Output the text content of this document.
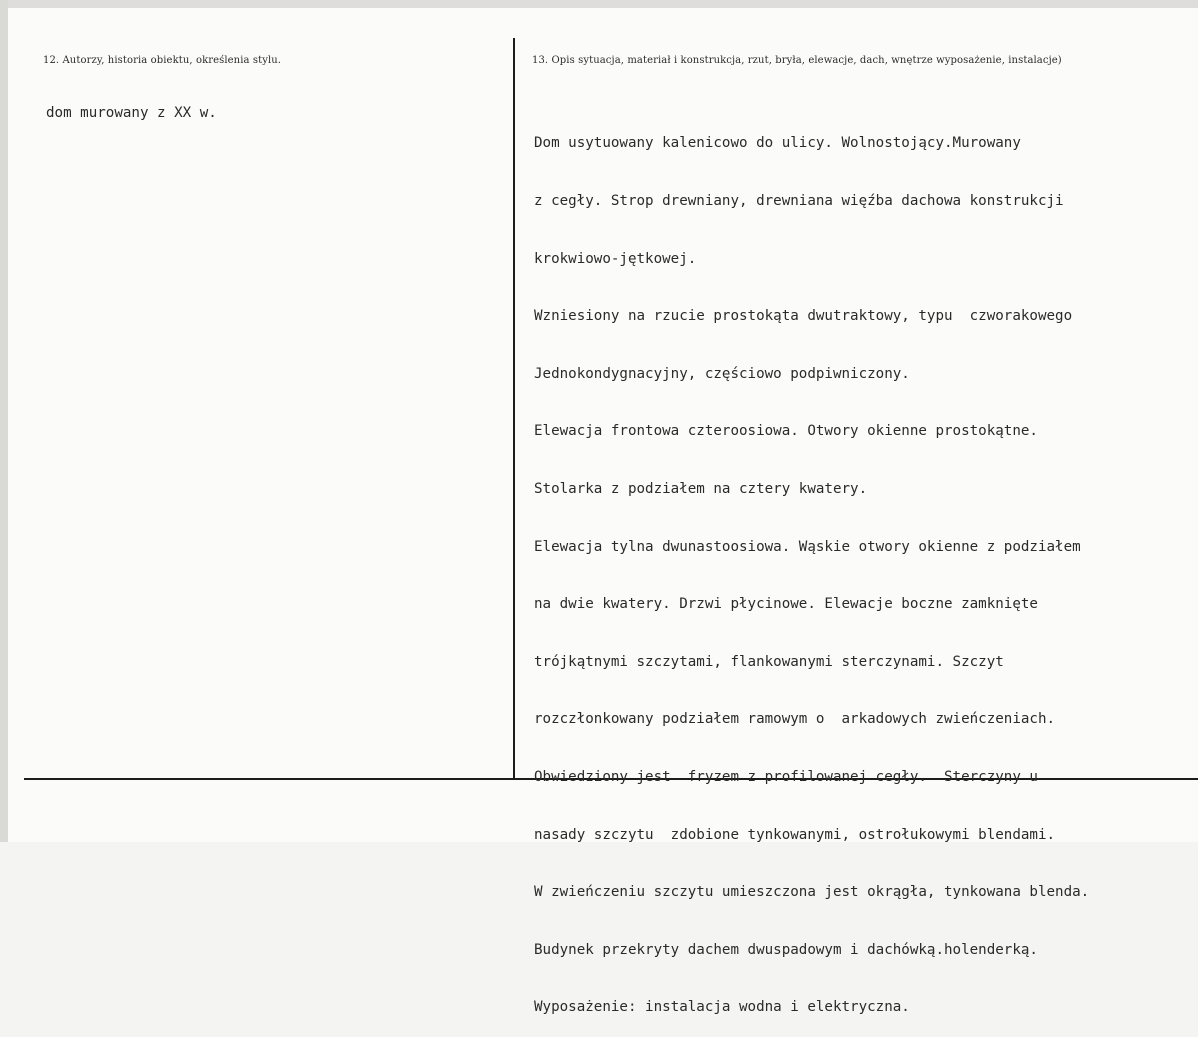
12. Autorzy, historia obiektu, określenia stylu.	13. Opis sytuacja, materiał i konstrukcja, rzut, bryła, elewacje, dach, wnętrze wyposażenie, instalacje)
dom murowany z XX w.

Dom usytuowany kalenicowo do ulicy. Wolnostojący.Murowany

z cegły. Strop drewniany, drewniana więźba dachowa konstrukcji

krokwiowo-jętkowej.

Wzniesiony na rzucie prostokąta dwutraktowy, typu  czworakowego

Jednokondygnacyjny, częściowo podpiwniczony.

Elewacja frontowa czteroosiowa. Otwory okienne prostokątne.

Stolarka z podziałem na cztery kwatery.

Elewacja tylna dwunastoosiowa. Wąskie otwory okienne z podziałem

na dwie kwatery. Drzwi płycinowe. Elewacje boczne zamknięte

trójkątnymi szczytami, flankowanymi sterczynami. Szczyt

rozczłonkowany podziałem ramowym o  arkadowych zwieńczeniach.

Obwiedziony jest  fryzem z profilowanej cegły.  Sterczyny u

nasady szczytu  zdobione tynkowanymi, ostrołukowymi blendami.

W zwieńczeniu szczytu umieszczona jest okrągła, tynkowana blenda.

Budynek przekryty dachem dwuspadowym i dachówką.holenderką.

Wyposażenie: instalacja wodna i elektryczna.
